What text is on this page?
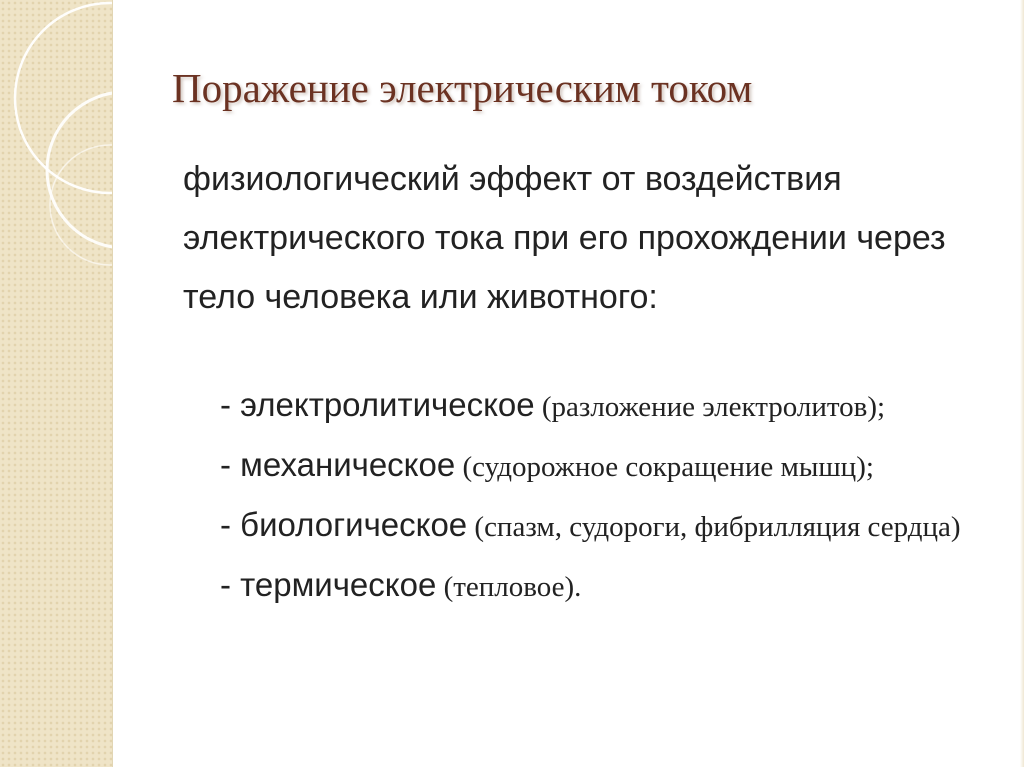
Поражение электрическим током

физиологический эффект от воздействия электрического тока при его прохождении через тело человека или животного:

- электролитическое (разложение электролитов);
- механическое (судорожное сокращение мышц);
- биологическое (спазм, судороги, фибрилляция сердца)
- термическое (тепловое).
